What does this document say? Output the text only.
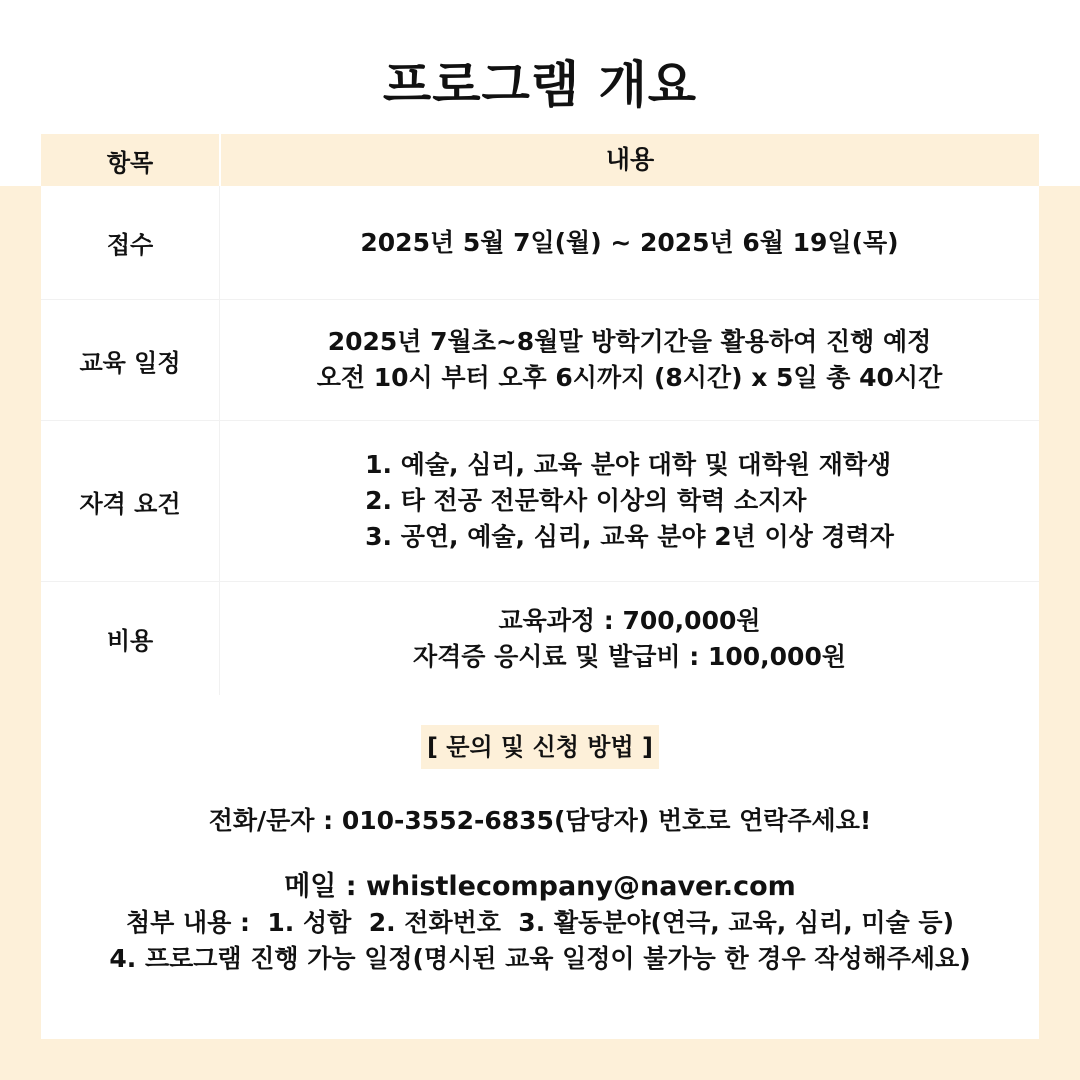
프로그램 개요
항목	내용
접수	2025년 5월 7일(월) ~ 2025년 6월 19일(목)
교육 일정
2025년 7월초~8월말 방학기간을 활용하여 진행 예정
오전 10시 부터 오후 6시까지 (8시간) x 5일 총 40시간
자격 요건
1. 예술, 심리, 교육 분야 대학 및 대학원 재학생
2. 타 전공 전문학사 이상의 학력 소지자
3. 공연, 예술, 심리, 교육 분야 2년 이상 경력자
비용
교육과정 : 700,000원
자격증 응시료 및 발급비 : 100,000원
[ 문의 및 신청 방법 ]
전화/문자 : 010-3552-6835(담당자) 번호로 연락주세요!
메일 : whistlecompany@naver.com
첨부 내용 :  1. 성함  2. 전화번호  3. 활동분야(연극, 교육, 심리, 미술 등)
4. 프로그램 진행 가능 일정(명시된 교육 일정이 불가능 한 경우 작성해주세요)
